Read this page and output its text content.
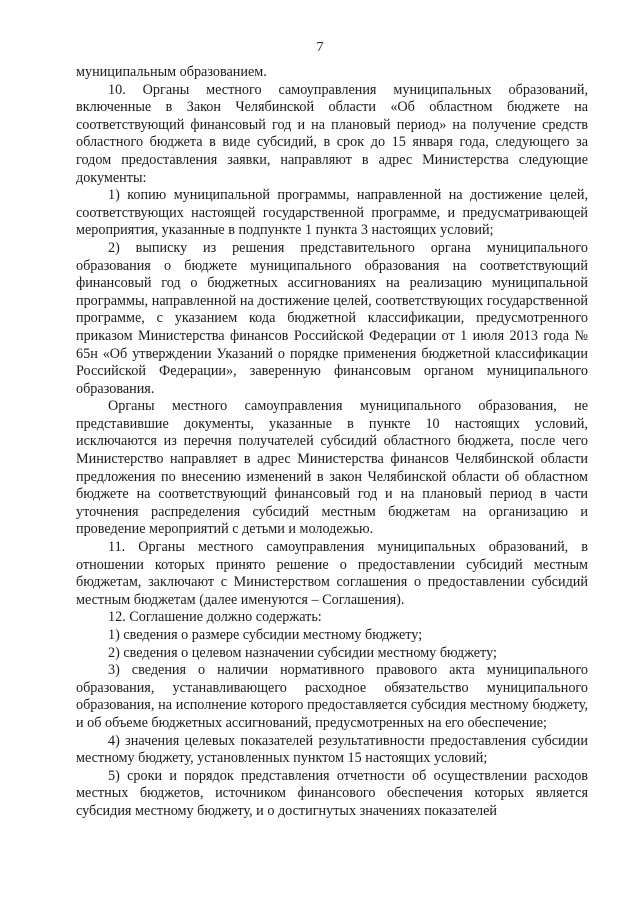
7

муниципальным образованием.

10. Органы местного самоуправления муниципальных образований, включенные в Закон Челябинской области «Об областном бюджете на соответствующий финансовый год и на плановый период» на получение средств областного бюджета в виде субсидий, в срок до 15 января года, следующего за годом предоставления заявки, направляют в адрес Министерства следующие документы:

1) копию муниципальной программы, направленной на достижение целей, соответствующих настоящей государственной программе, и предусматривающей мероприятия, указанные в подпункте 1 пункта 3 настоящих условий;

2) выписку из решения представительного органа муниципального образования о бюджете муниципального образования на соответствующий финансовый год о бюджетных ассигнованиях на реализацию муниципальной программы, направленной на достижение целей, соответствующих государственной программе, с указанием кода бюджетной классификации, предусмотренного приказом Министерства финансов Российской Федерации от 1 июля 2013 года № 65н «Об утверждении Указаний о порядке применения бюджетной классификации Российской Федерации», заверенную финансовым органом муниципального образования.

Органы местного самоуправления муниципального образования, не представившие документы, указанные в пункте 10 настоящих условий, исключаются из перечня получателей субсидий областного бюджета, после чего Министерство направляет в адрес Министерства финансов Челябинской области предложения по внесению изменений в закон Челябинской области об областном бюджете на соответствующий финансовый год и на плановый период в части уточнения распределения субсидий местным бюджетам на организацию и проведение мероприятий с детьми и молодежью.

11. Органы местного самоуправления муниципальных образований, в отношении которых принято решение о предоставлении субсидий местным бюджетам, заключают с Министерством соглашения о предоставлении субсидий местным бюджетам (далее именуются – Соглашения).

12. Соглашение должно содержать:

1) сведения о размере субсидии местному бюджету;

2) сведения о целевом назначении субсидии местному бюджету;

3) сведения о наличии нормативного правового акта муниципального образования, устанавливающего расходное обязательство муниципального образования, на исполнение которого предоставляется субсидия местному бюджету, и об объеме бюджетных ассигнований, предусмотренных на его обеспечение;

4) значения целевых показателей результативности предоставления субсидии местному бюджету, установленных пунктом 15 настоящих условий;

5) сроки и порядок представления отчетности об осуществлении расходов местных бюджетов, источником финансового обеспечения которых является субсидия местному бюджету, и о достигнутых значениях показателей
